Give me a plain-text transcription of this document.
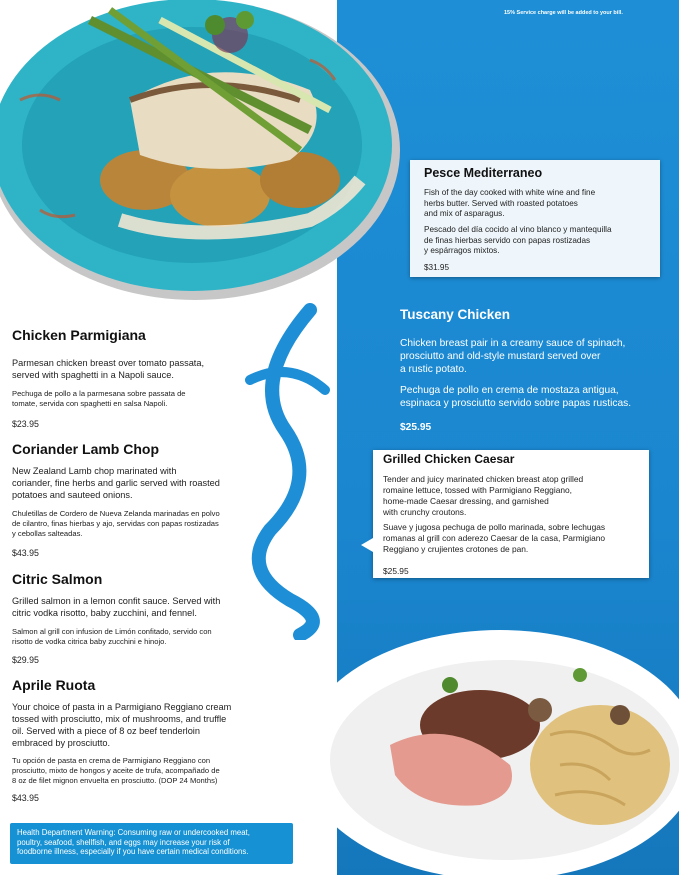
15% Service charge will be added to your bill.
Pesce Mediterraneo
Fish of the day cooked with white wine and fine
herbs butter. Served with roasted potatoes
and mix of asparagus.
Pescado del día cocido al vino blanco y mantequilla
de finas hierbas servido con papas rostizadas
y espárragos mixtos.
$31.95
Tuscany Chicken
Chicken breast pair in a creamy sauce of spinach,
prosciutto and old-style mustard served over
a rustic potato.
Pechuga de pollo en crema de mostaza antigua,
espinaca y prosciutto servido sobre papas rusticas.
$25.95
Grilled Chicken Caesar
Tender and juicy marinated chicken breast atop grilled
romaine lettuce, tossed with Parmigiano Reggiano,
home-made Caesar dressing, and garnished
with crunchy croutons.
Suave y jugosa pechuga de pollo marinada, sobre lechugas
romanas al grill con aderezo Caesar de la casa, Parmigiano
Reggiano y crujientes crotones de pan.
$25.95
Chicken Parmigiana
Parmesan chicken breast over tomato passata,
served with spaghetti in a Napoli sauce.
Pechuga de pollo a la parmesana sobre passata de
tomate, servida con spaghetti en salsa Napoli.
$23.95
Coriander Lamb Chop
New Zealand Lamb chop marinated with
coriander, fine herbs and garlic served with roasted
potatoes and sauteed onions.
Chuletillas de Cordero de Nueva Zelanda marinadas en polvo
de cilantro, finas hierbas y ajo, servidas con papas rostizadas
y cebollas salteadas.
$43.95
Citric Salmon
Grilled salmon in a lemon confit sauce. Served with
citric vodka risotto, baby zucchini, and fennel.
Salmon al grill con infusion de Limón confitado, servido con
risotto de vodka citrica baby zucchini e hinojo.
$29.95
Aprile Ruota
Your choice of pasta in a Parmigiano Reggiano cream
tossed with prosciutto, mix of mushrooms, and truffle
oil. Served with a piece of 8 oz beef tenderloin
embraced by prosciutto.
Tu opción de pasta en crema de Parmigiano Reggiano con
prosciutto, mixto de hongos y aceite de trufa, acompañado de
8 oz de filet mignon envuelta en prosciutto. (DOP 24 Months)
$43.95
Health Department Warning: Consuming raw or undercooked meat,
poultry, seafood, shellfish, and eggs may increase your risk of
foodborne illness, especially if you have certain medical conditions.
